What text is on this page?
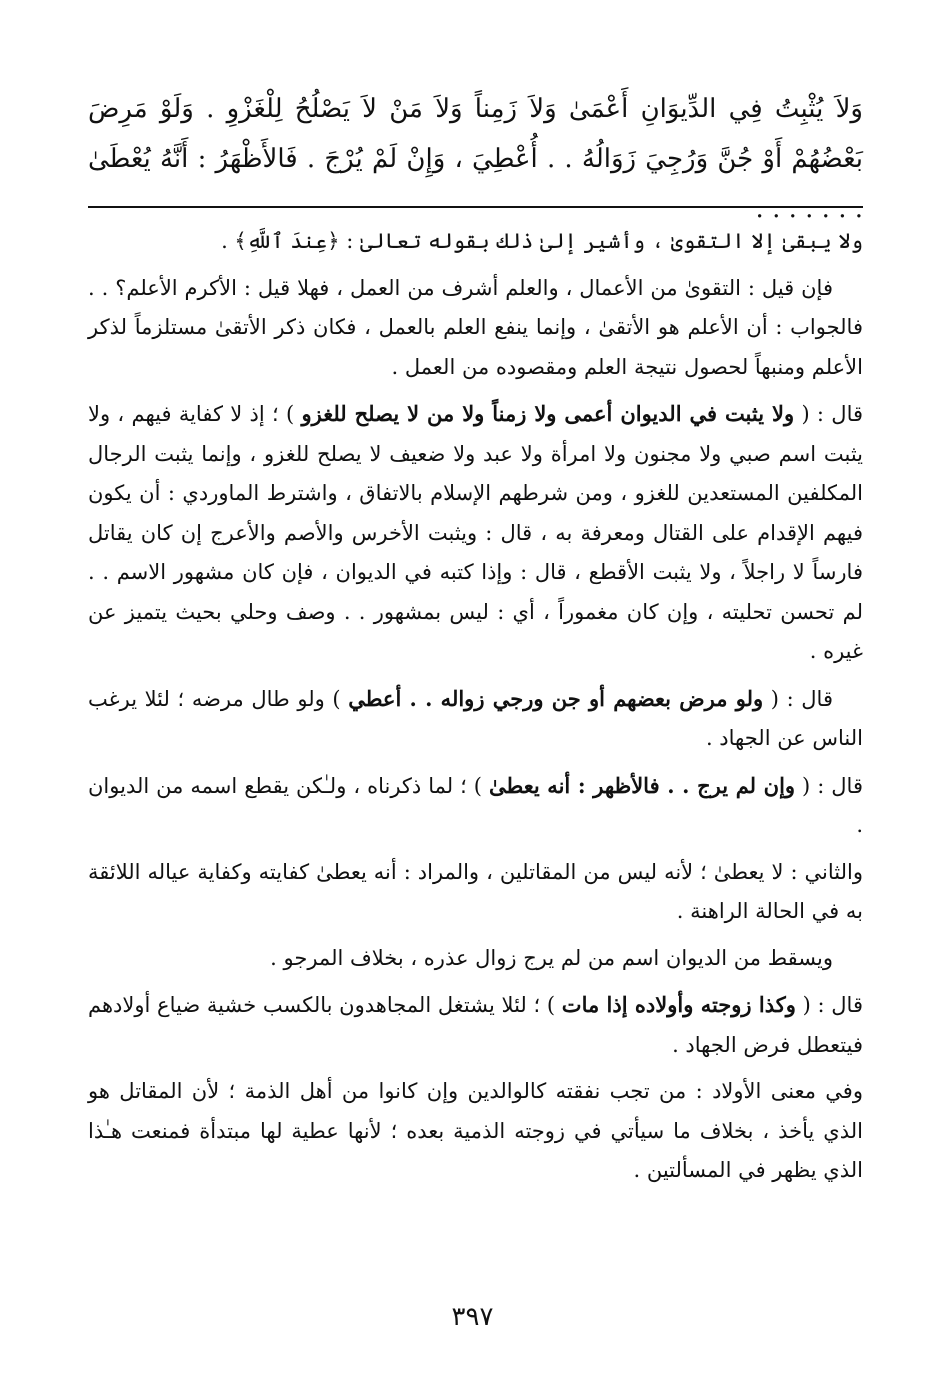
وَلاَ يُثْبِتُ فِي الدِّيوَانِ أَعْمَىٰ وَلاَ زَمِناً وَلاَ مَنْ لاَ يَصْلُحُ لِلْغَزْوِ . وَلَوْ مَرِضَ بَعْضُهُمْ أَوْ جُنَّ وَرُجِيَ زَوَالُهُ . . أُعْطِيَ ، وَإِنْ لَمْ يُرْجَ . فَالأَظْهَرُ : أَنَّهُ يُعْطَىٰ . . . . . . .

ولا يبقىٰ إلا التقوىٰ ، وأشير إلىٰ ذلك بقوله تعالىٰ : ﴿عِندَ ٱللَّهِ﴾ .

فإن قيل : التقوىٰ من الأعمال ، والعلم أشرف من العمل ، فهلا قيل : الأكرم الأعلم؟ . . فالجواب : أن الأعلم هو الأتقىٰ ، وإنما ينفع العلم بالعمل ، فكان ذكر الأتقىٰ مستلزماً لذكر الأعلم ومنبهاً لحصول نتيجة العلم ومقصوده من العمل .

قال : ( ولا يثبت في الديوان أعمى ولا زمناً ولا من لا يصلح للغزو ) ؛ إذ لا كفاية فيهم ، ولا يثبت اسم صبي ولا مجنون ولا امرأة ولا عبد ولا ضعيف لا يصلح للغزو ، وإنما يثبت الرجال المكلفين المستعدين للغزو ، ومن شرطهم الإسلام بالاتفاق ، واشترط الماوردي : أن يكون فيهم الإقدام على القتال ومعرفة به ، قال : ويثبت الأخرس والأصم والأعرج إن كان يقاتل فارساً لا راجلاً ، ولا يثبت الأقطع ، قال : وإذا كتبه في الديوان ، فإن كان مشهور الاسم . . لم تحسن تحليته ، وإن كان مغموراً ، أي : ليس بمشهور . . وصف وحلي بحيث يتميز عن غيره .

قال : ( ولو مرض بعضهم أو جن ورجي زواله . . أعطي ) ولو طال مرضه ؛ لئلا يرغب الناس عن الجهاد .

قال : ( وإن لم يرج . . فالأظهر : أنه يعطىٰ ) ؛ لما ذكرناه ، ولـٰكن يقطع اسمه من الديوان .

والثاني : لا يعطىٰ ؛ لأنه ليس من المقاتلين ، والمراد : أنه يعطىٰ كفايته وكفاية عياله اللائقة به في الحالة الراهنة .

ويسقط من الديوان اسم من لم يرج زوال عذره ، بخلاف المرجو .

قال : ( وكذا زوجته وأولاده إذا مات ) ؛ لئلا يشتغل المجاهدون بالكسب خشية ضياع أولادهم فيتعطل فرض الجهاد .

وفي معنى الأولاد : من تجب نفقته كالوالدين وإن كانوا من أهل الذمة ؛ لأن المقاتل هو الذي يأخذ ، بخلاف ما سيأتي في زوجته الذمية بعده ؛ لأنها عطية لها مبتدأة فمنعت هـٰذا الذي يظهر في المسألتين .

٣٩٧
